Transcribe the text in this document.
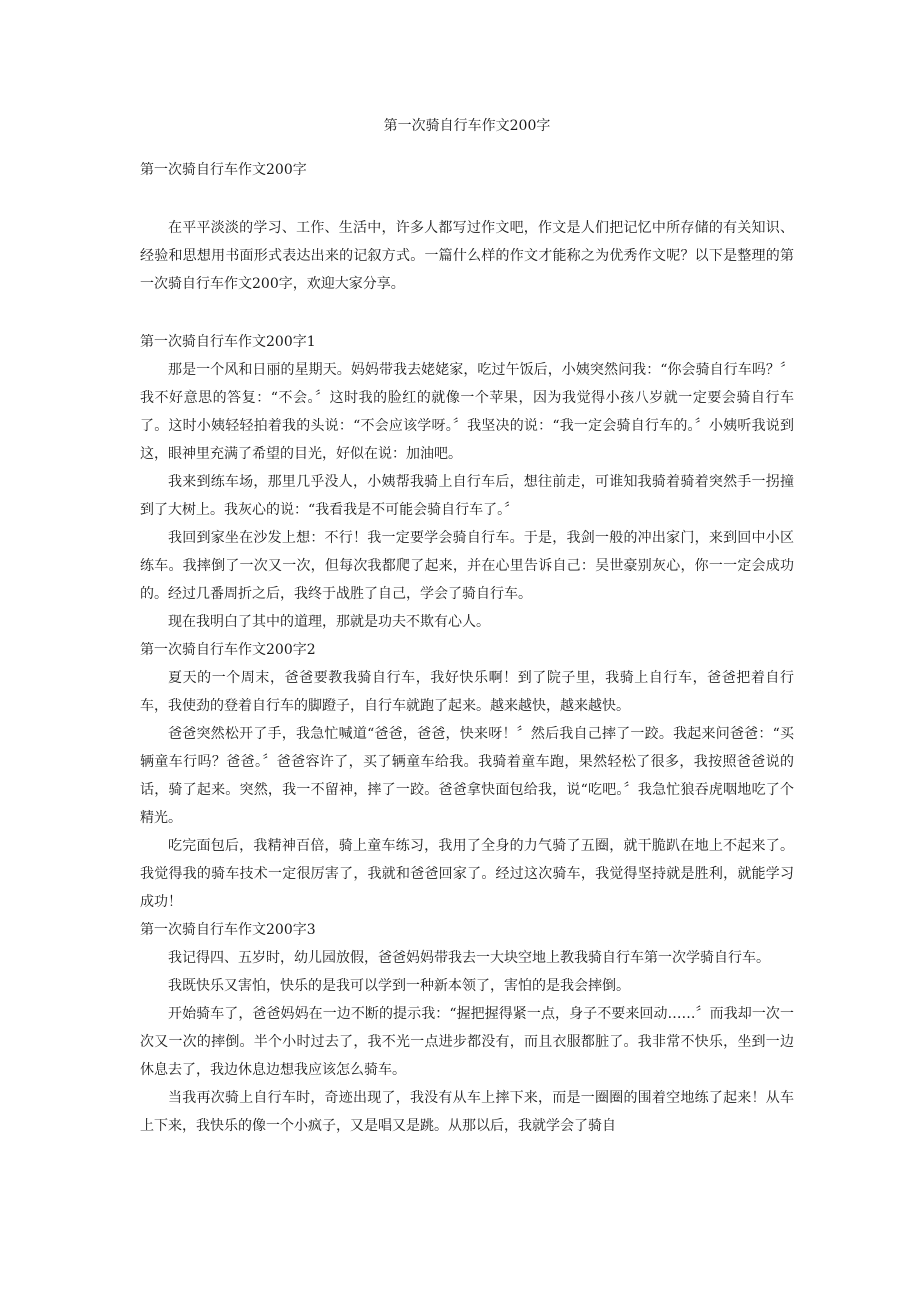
第一次骑自行车作文200字

第一次骑自行车作文200字

在平平淡淡的学习、工作、生活中，许多人都写过作文吧，作文是人们把记忆中所存储的有关知识、经验和思想用书面形式表达出来的记叙方式。一篇什么样的作文才能称之为优秀作文呢？以下是整理的第一次骑自行车作文200字，欢迎大家分享。

第一次骑自行车作文200字1

那是一个风和日丽的星期天。妈妈带我去姥姥家，吃过午饭后，小姨突然问我：“你会骑自行车吗？〞我不好意思的答复：“不会。〞这时我的脸红的就像一个苹果，因为我觉得小孩八岁就一定要会骑自行车了。这时小姨轻轻拍着我的头说：“不会应该学呀。〞我坚决的说：“我一定会骑自行车的。〞小姨听我说到这，眼神里充满了希望的目光，好似在说：加油吧。

我来到练车场，那里几乎没人，小姨帮我骑上自行车后，想往前走，可谁知我骑着骑着突然手一拐撞到了大树上。我灰心的说：“我看我是不可能会骑自行车了。〞

我回到家坐在沙发上想：不行！我一定要学会骑自行车。于是，我剑一般的冲出家门，来到回中小区练车。我摔倒了一次又一次，但每次我都爬了起来，并在心里告诉自己：吴世豪别灰心，你一一定会成功的。经过几番周折之后，我终于战胜了自己，学会了骑自行车。

现在我明白了其中的道理，那就是功夫不欺有心人。

第一次骑自行车作文200字2

夏天的一个周末，爸爸要教我骑自行车，我好快乐啊！到了院子里，我骑上自行车，爸爸把着自行车，我使劲的登着自行车的脚蹬子，自行车就跑了起来。越来越快，越来越快。

爸爸突然松开了手，我急忙喊道“爸爸，爸爸，快来呀！〞然后我自己摔了一跤。我起来问爸爸：“买辆童车行吗？爸爸。〞爸爸容许了，买了辆童车给我。我骑着童车跑，果然轻松了很多，我按照爸爸说的话，骑了起来。突然，我一不留神，摔了一跤。爸爸拿快面包给我，说“吃吧。〞我急忙狼吞虎咽地吃了个精光。

吃完面包后，我精神百倍，骑上童车练习，我用了全身的力气骑了五圈，就干脆趴在地上不起来了。我觉得我的骑车技术一定很厉害了，我就和爸爸回家了。经过这次骑车，我觉得坚持就是胜利，就能学习成功！

第一次骑自行车作文200字3

我记得四、五岁时，幼儿园放假，爸爸妈妈带我去一大块空地上教我骑自行车第一次学骑自行车。

我既快乐又害怕，快乐的是我可以学到一种新本领了，害怕的是我会摔倒。

开始骑车了，爸爸妈妈在一边不断的提示我：“握把握得紧一点，身子不要来回动……〞而我却一次一次又一次的摔倒。半个小时过去了，我不光一点进步都没有，而且衣服都脏了。我非常不快乐，坐到一边休息去了，我边休息边想我应该怎么骑车。

当我再次骑上自行车时，奇迹出现了，我没有从车上摔下来，而是一圈圈的围着空地练了起来！从车上下来，我快乐的像一个小疯子，又是唱又是跳。从那以后，我就学会了骑自
